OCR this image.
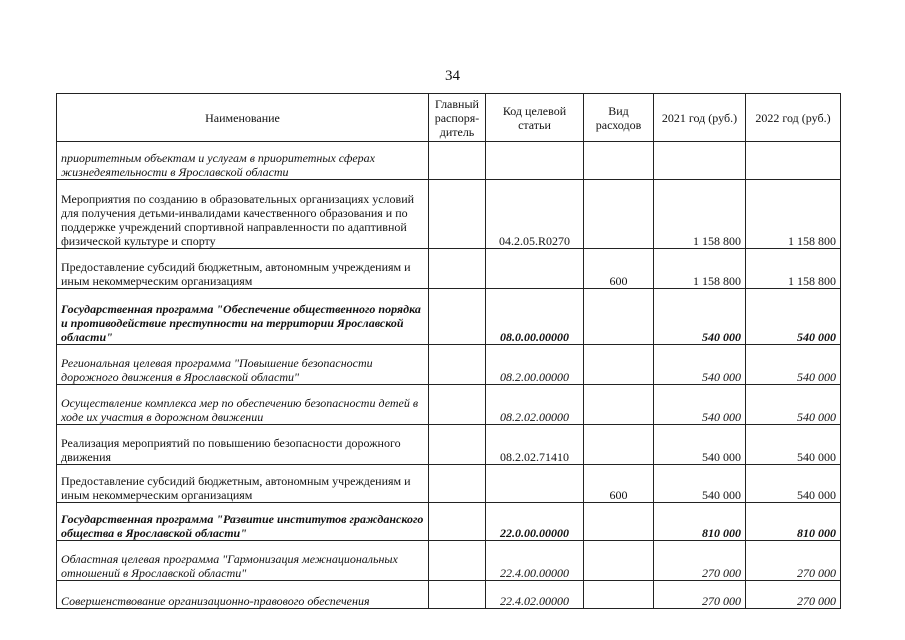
34
Наименование	Главный распоря-дитель	Код целевой статьи	Вид расходов	2021 год (руб.)	2022 год (руб.)
приоритетным объектам и услугам в приоритетных сферах жизнедеятельности в Ярославской области					
Мероприятия по созданию в образовательных организациях условий для получения детьми-инвалидами качественного образования и по поддержке учреждений спортивной направленности по адаптивной физической культуре и спорту		04.2.05.R0270		1 158 800	1 158 800
Предоставление субсидий бюджетным, автономным учреждениям и иным некоммерческим организациям			600	1 158 800	1 158 800
Государственная программа "Обеспечение общественного порядка и противодействие преступности на территории Ярославской области"		08.0.00.00000		540 000	540 000
Региональная целевая программа "Повышение безопасности дорожного движения в Ярославской области"		08.2.00.00000		540 000	540 000
Осуществление комплекса мер по обеспечению безопасности детей в ходе их участия в дорожном движении		08.2.02.00000		540 000	540 000
Реализация мероприятий по повышению безопасности дорожного движения		08.2.02.71410		540 000	540 000
Предоставление субсидий бюджетным, автономным учреждениям и иным некоммерческим организациям			600	540 000	540 000
Государственная программа "Развитие институтов гражданского общества в Ярославской области"		22.0.00.00000		810 000	810 000
Областная целевая программа "Гармонизация межнациональных отношений в Ярославской области"		22.4.00.00000		270 000	270 000
Совершенствование организационно-правового обеспечения		22.4.02.00000		270 000	270 000
